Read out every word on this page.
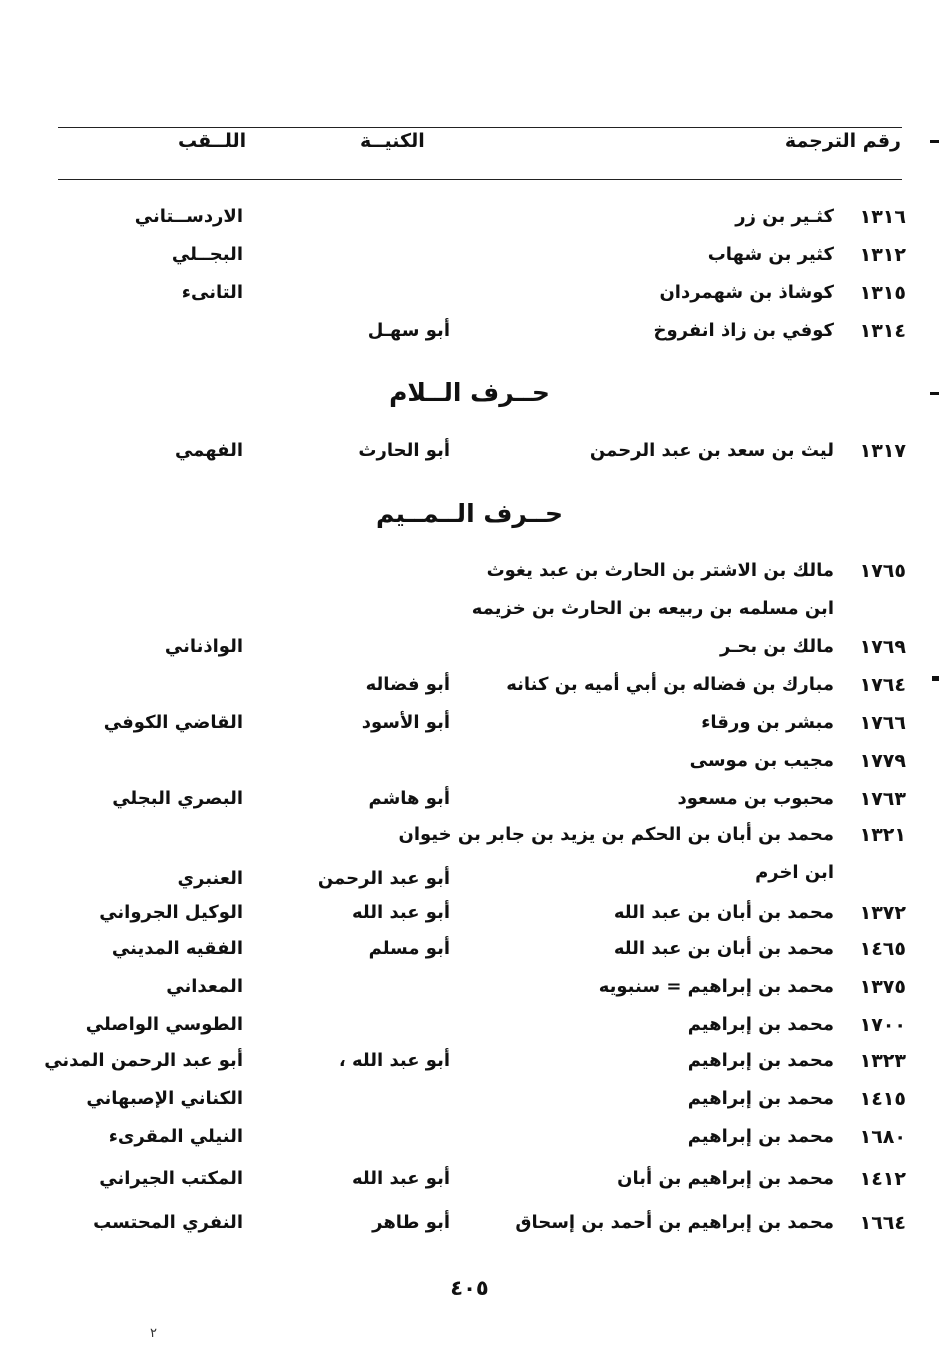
رقم الترجمة
الكنيــة
اللــقب
١٣١٦
كثـير بن زر
الاردســتاني
١٣١٢
كثير بن شهاب
البجــلي
١٣١٥
كوشاذ بن شهمردان
التانىء
١٣١٤
كوفي بن زاذ انفروخ
أبو سهـل
حــرف الــلام
١٣١٧
ليث بن سعد بن عبد الرحمن
أبو الحارث
الفهمي
حــرف الــمــيم
١٧٦٥
مالك بن الاشتر بن الحارث بن عبد يغوث
ابن مسلمه بن ربيعه بن الحارث بن خزيمه
١٧٦٩
مالك بن بحـر
الواذناني
١٧٦٤
مبارك بن فضاله بن أبي أميه بن كنانه
أبو فضاله
١٧٦٦
مبشر بن ورقاء
أبو الأسود
القاضي الكوفي
١٧٧٩
مجيب بن موسى
١٧٦٣
محبوب بن مسعود
أبو هاشم
البصري البجلي
١٣٢١
محمد بن أبان بن الحكم بن يزيد بن جابر بن خيوان
ابن اخرم
أبو عبد الرحمن
العنبري
١٣٧٢
محمد بن أبان بن عبد الله
أبو عبد الله
الوكيل الجرواني
١٤٦٥
محمد بن أبان بن عبد الله
أبو مسلم
الفقيه المديني
١٣٧٥
محمد بن إبراهيم = سنبويه
المعداني
١٧٠٠
محمد بن إبراهيم
الطوسي الواصلي
١٣٢٣
محمد بن إبراهيم
أبو عبد الله ،
أبو عبد الرحمن المدني
١٤١٥
محمد بن إبراهيم
الكناني الإصبهاني
١٦٨٠
محمد بن إبراهيم
النيلي المقرىء
١٤١٢
محمد بن إبراهيم بن أبان
أبو عبد الله
المكتب الجيراني
١٦٦٤
محمد بن إبراهيم بن أحمد بن إسحاق
أبو طاهر
النفري المحتسب
٤٠٥
٢
